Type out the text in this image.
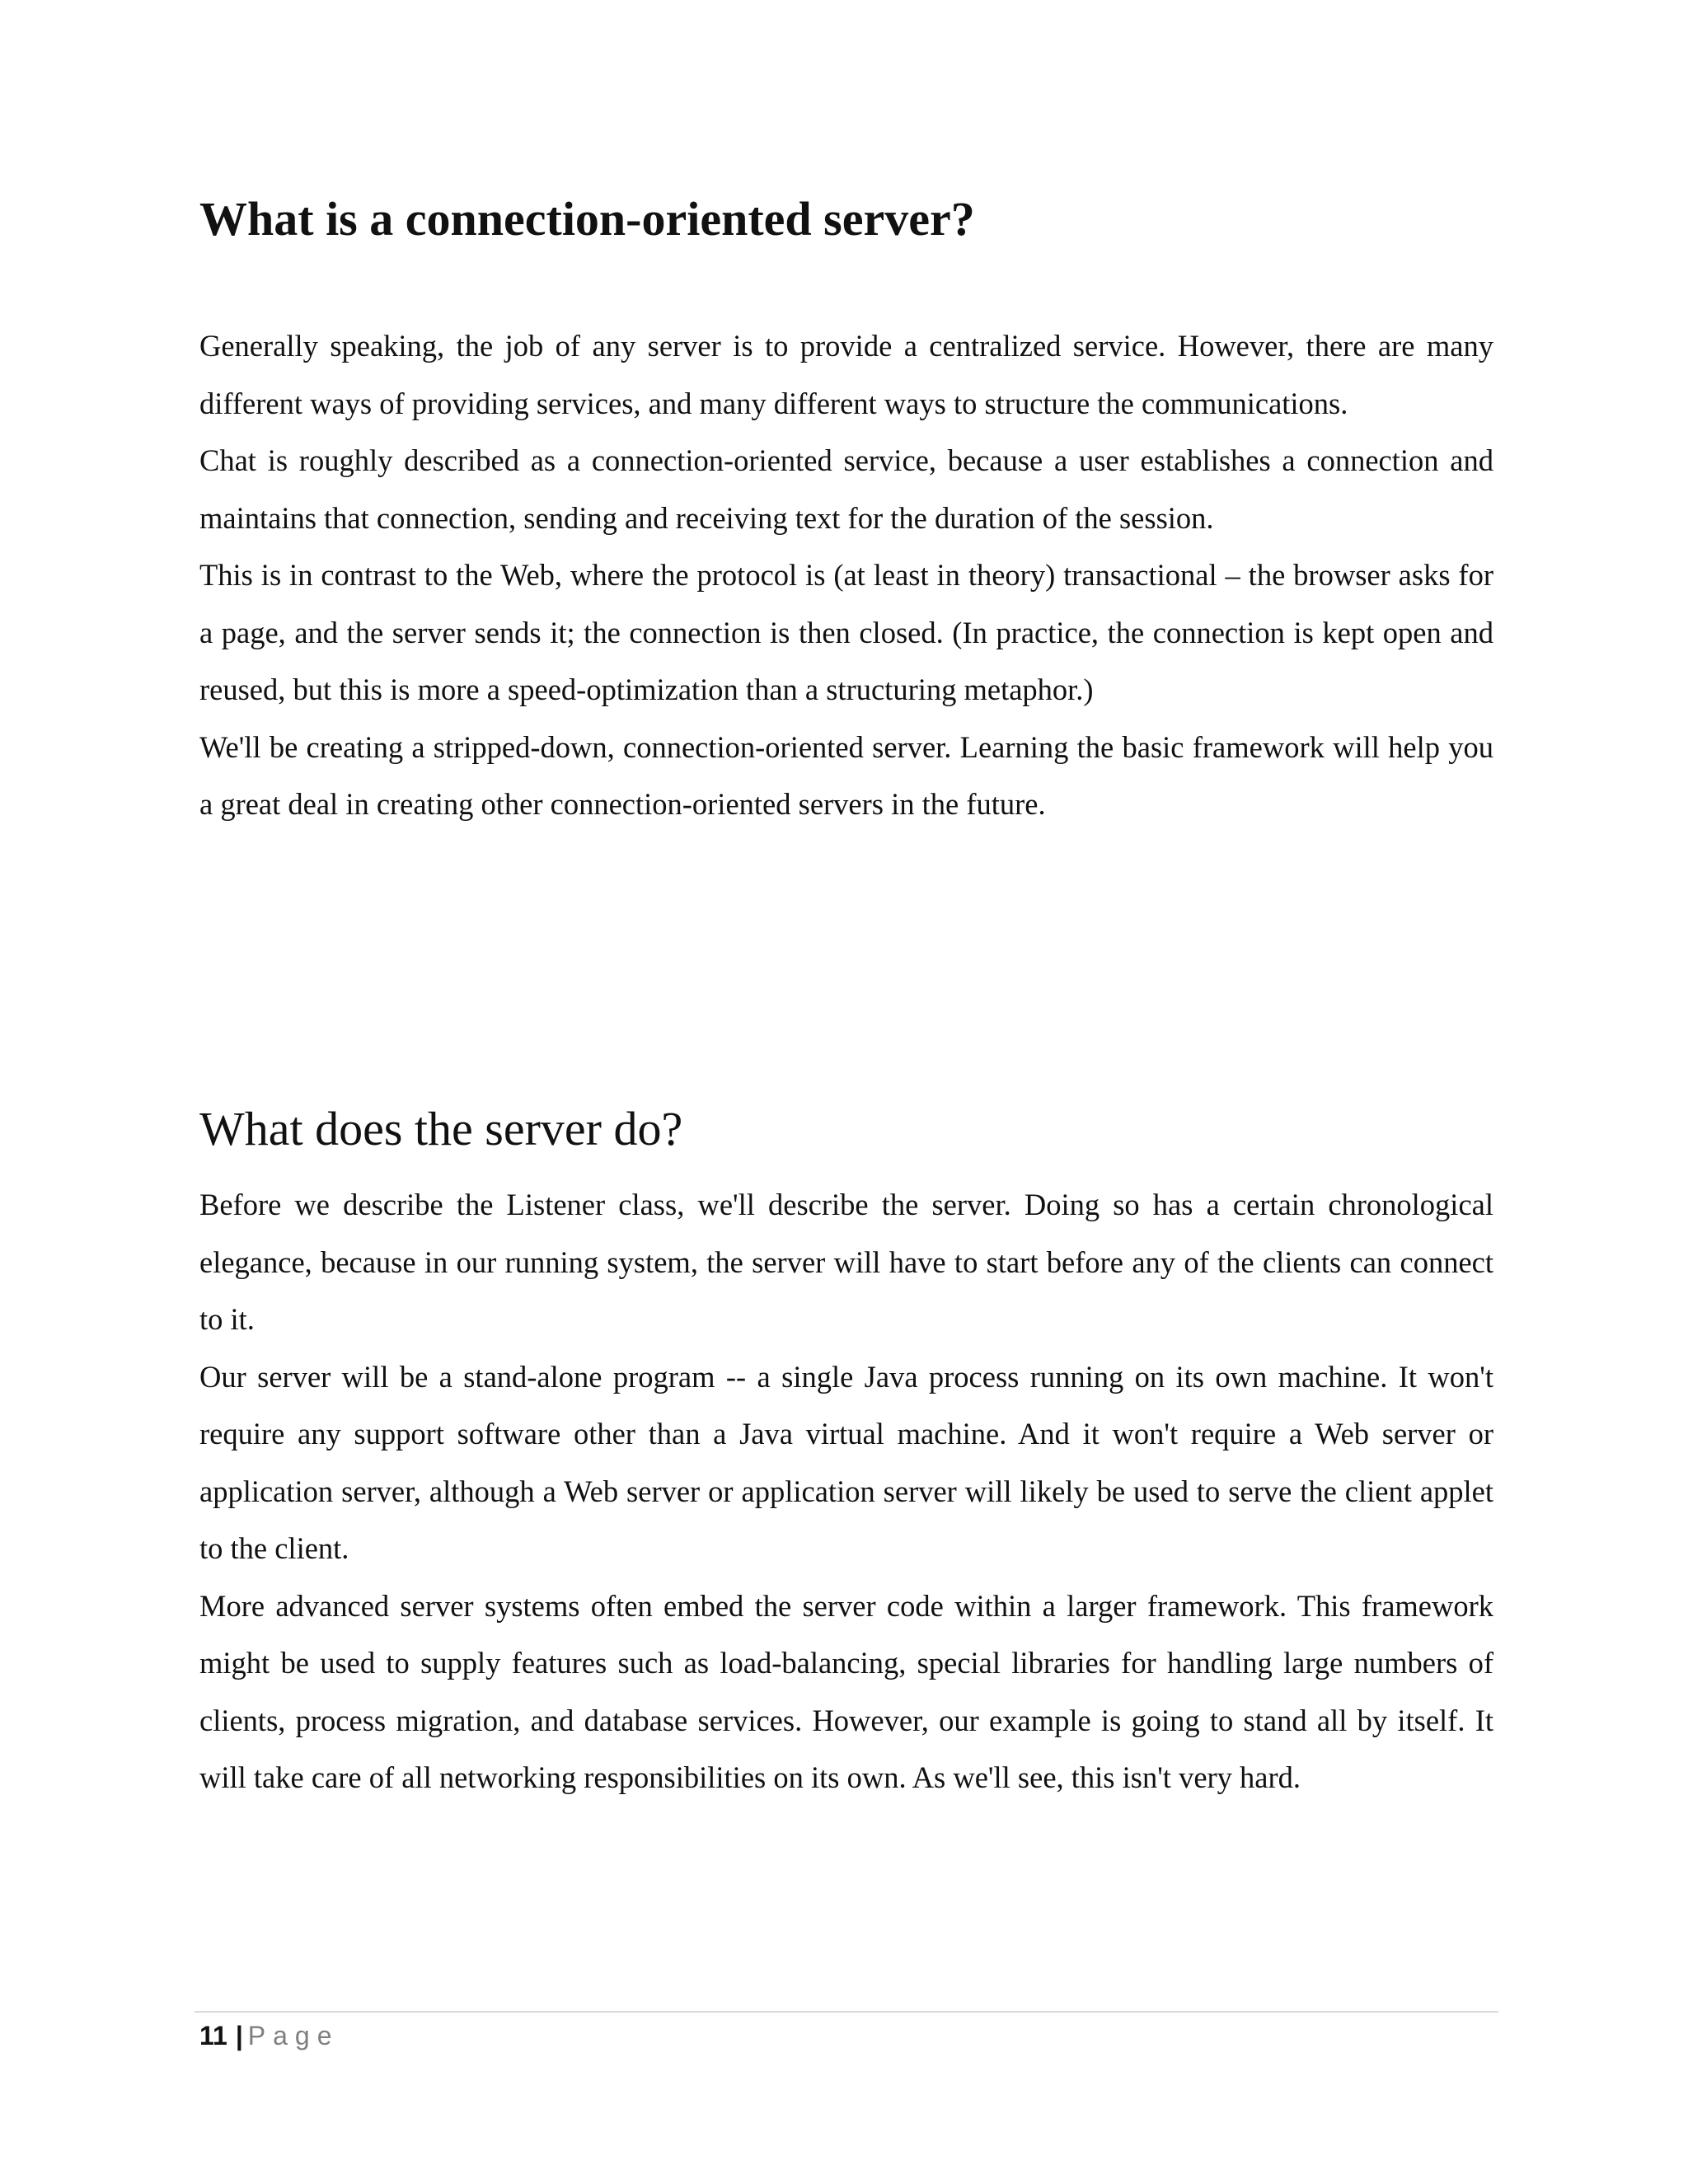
What is a connection-oriented server?

Generally speaking, the job of any server is to provide a centralized service. However, there are many different ways of providing services, and many different ways to structure the communications.

Chat is roughly described as a connection-oriented service, because a user establishes a connection and maintains that connection, sending and receiving text for the duration of the session.

This is in contrast to the Web, where the protocol is (at least in theory) transactional – the browser asks for a page, and the server sends it; the connection is then closed. (In practice, the connection is kept open and reused, but this is more a speed-optimization than a structuring metaphor.)

We'll be creating a stripped-down, connection-oriented server. Learning the basic framework will help you a great deal in creating other connection-oriented servers in the future.

What does the server do?

Before we describe the Listener class, we'll describe the server. Doing so has a certain chronological elegance, because in our running system, the server will have to start before any of the clients can connect to it.

Our server will be a stand-alone program -- a single Java process running on its own machine. It won't require any support software other than a Java virtual machine. And it won't require a Web server or application server, although a Web server or application server will likely be used to serve the client applet to the client.

More advanced server systems often embed the server code within a larger framework. This framework might be used to supply features such as load-balancing, special libraries for handling large numbers of clients, process migration, and database services. However, our example is going to stand all by itself. It will take care of all networking responsibilities on its own. As we'll see, this isn't very hard.

11 | Page
